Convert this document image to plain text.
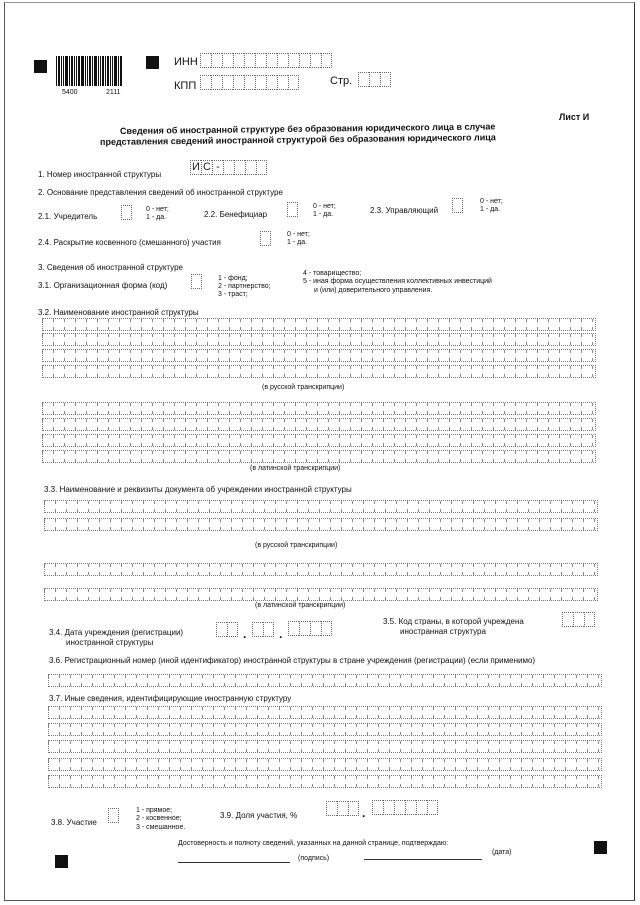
5400	2111
ИНН
КПП	Стр.
Лист И
Сведения об иностранной структуре без образования юридического лица в случае
представления сведений иностранной структурой без образования юридического лица
1. Номер иностранной структуры
И С -
2. Основание представления сведений об иностранной структуре
2.1. Учредитель
0 - нет;
1 - да.	2.2. Бенефициар
0 - нет;
1 - да.	2.3. Управляющий
0 - нет;
1 - да.
2.4. Раскрытие косвенного (смешанного) участия
0 - нет;
1 - да.
3. Сведения об иностранной структуре
3.1. Организационная форма (код)
1 - фонд;
2 - партнерство;
3 - траст;
4 - товарищество;
5 - иная форма осуществления коллективных инвестиций
и (или) доверительного управления.
3.2. Наименование иностранной структуры
(в русской транскрипции)
(в латинской транскрипции)
3.3. Наименование и реквизиты документа об учреждении иностранной структуры
(в русской транскрипции)
(в латинской транскрипции)
3.4. Дата учреждения (регистрации)
иностранной структуры
.	.
3.5. Код страны, в которой учреждена
иностранная структура
3.6. Регистрационный номер (иной идентификатор) иностранной структуры в стране учреждения (регистрации) (если применимо)
3.7. Иные сведения, идентифицирующие иностранную структуру
3.8. Участие
1 - прямое;
2 - косвенное;
3 - смешанное.
3.9. Доля участия, %	.
Достоверность и полноту сведений, указанных на данной странице, подтверждаю:
(подпись)
(дата)
